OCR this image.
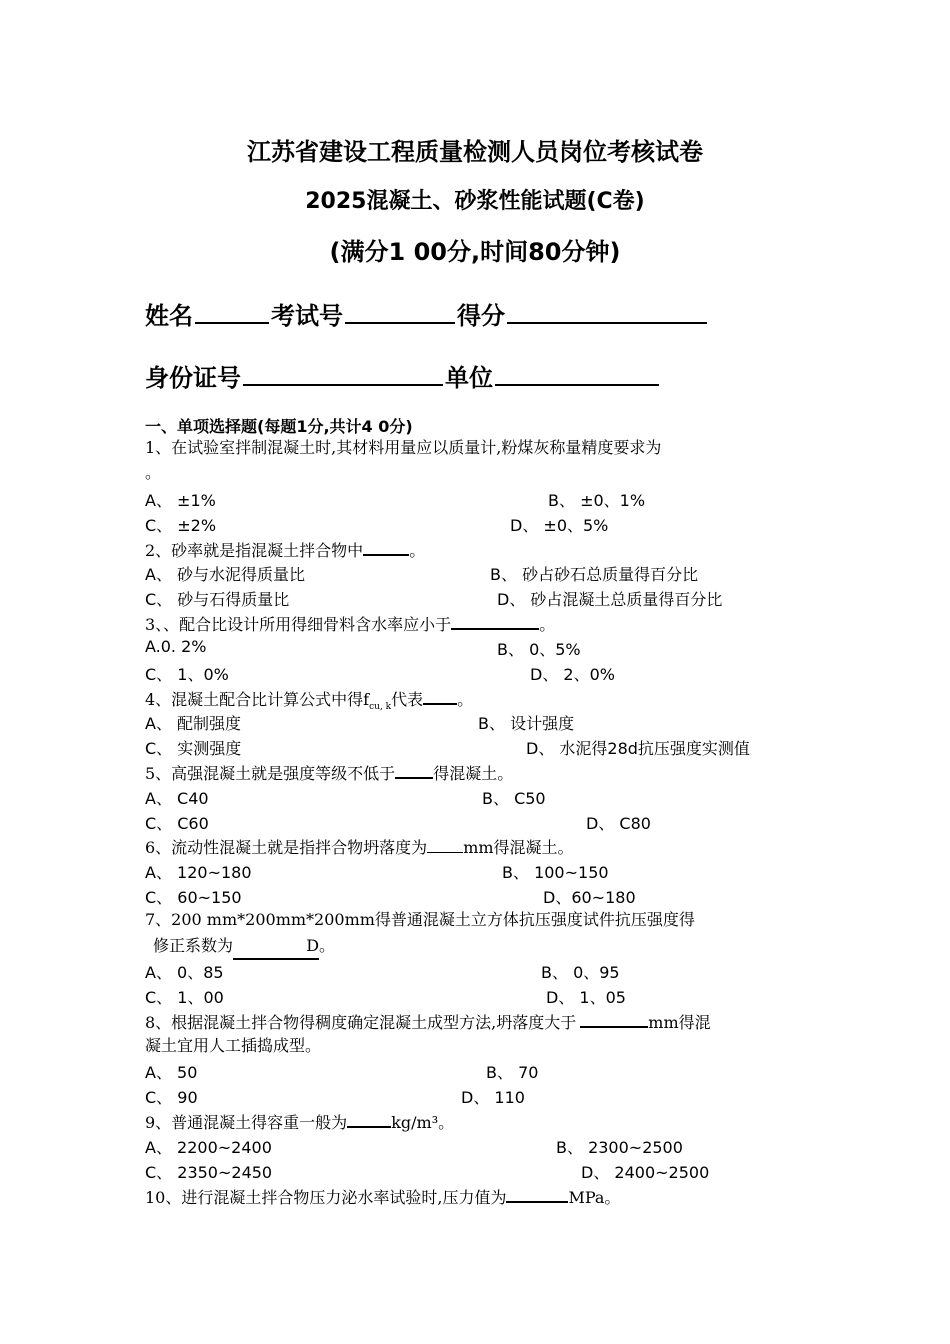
江苏省建设工程质量检测人员岗位考核试卷
2025混凝土、砂浆性能试题(C卷)
(满分1 00分,时间80分钟)
姓名	考试号	得分
身份证号	单位
一、单项选择题(每题1分,共计4 0分)
1、在试验室拌制混凝土时,其材料用量应以质量计,粉煤灰称量精度要求为
。
A、 ±1%	B、 ±0、1%
C、 ±2%	D、 ±0、5%
2、砂率就是指混凝土拌合物中	。
A、 砂与水泥得质量比	B、 砂占砂石总质量得百分比
C、 砂与石得质量比	D、 砂占混凝土总质量得百分比
3、、配合比设计所用得细骨料含水率应小于	。
A.0. 2%	B、 0、5%
C、 1、0%	D、 2、0%
4、混凝土配合比计算公式中得$f_{cu, k}$代表 。
A、 配制强度	B、 设计强度
C、 实测强度	D、 水泥得28d抗压强度实测值
5、高强混凝土就是强度等级不低于 得混凝土。
A、 C40	B、 C50
C、 C60	D、 C80
6、流动性混凝土就是指拌合物坍落度为 mm得混凝土。
A、 120~180	B、 100~150
C、 60~150	D、60~180
7、200 mm*200mm*200mm得普通混凝土立方体抗压强度试件抗压强度得
修正系数为	D。
A、 0、85	B、 0、95
C、 1、00	D、 1、05
8、根据混凝土拌合物得稠度确定混凝土成型方法,坍落度大于	mm得混
凝土宜用人工插捣成型。
A、 50	B、 70
C、 90	D、 110
9、普通混凝土得容重一般为	kg/m³。
A、 2200~2400	B、 2300~2500
C、 2350~2450	D、 2400~2500
10、进行混凝土拌合物压力泌水率试验时,压力值为	MPa。
